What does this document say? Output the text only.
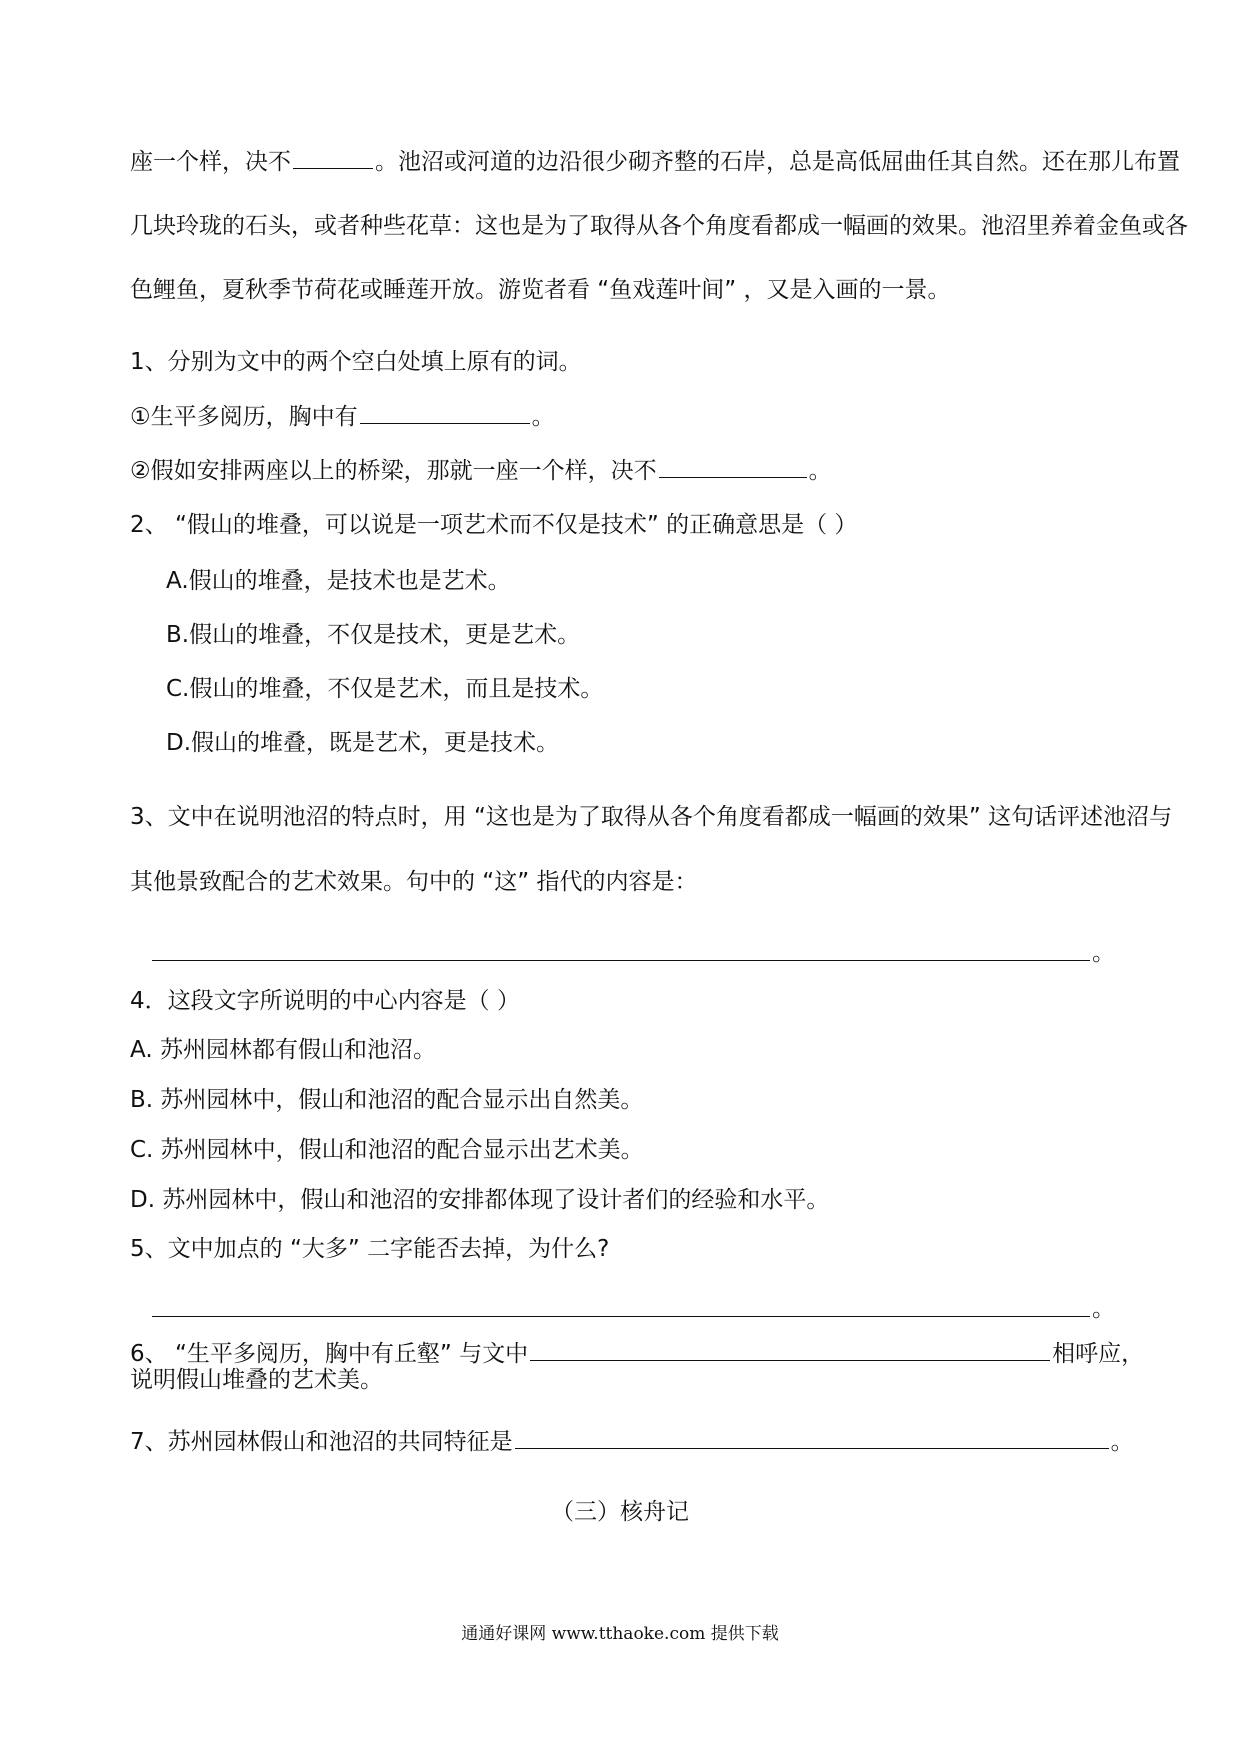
座一个样，决不	。池沼或河道的边沿很少砌齐整的石岸，总是高低屈曲任其自然。还在那儿布置
几块玲珑的石头，或者种些花草：这也是为了取得从各个角度看都成一幅画的效果。池沼里养着金鱼或各
色鲤鱼，夏秋季节荷花或睡莲开放。游览者看 “鱼戏莲叶间” ，又是入画的一景。
1、分别为文中的两个空白处填上原有的词。
①生平多阅历，胸中有	。
②假如安排两座以上的桥梁，那就一座一个样，决不	。
2、 “假山的堆叠，可以说是一项艺术而不仅是技术” 的正确意思是（ ）
A.假山的堆叠，是技术也是艺术。
B.假山的堆叠，不仅是技术，更是艺术。
C.假山的堆叠，不仅是艺术，而且是技术。
D.假山的堆叠，既是艺术，更是技术。
3、文中在说明池沼的特点时，用 “这也是为了取得从各个角度看都成一幅画的效果” 这句话评述池沼与
其他景致配合的艺术效果。句中的 “这” 指代的内容是：
。
4．这段文字所说明的中心内容是（ ）
A. 苏州园林都有假山和池沼。
B. 苏州园林中，假山和池沼的配合显示出自然美。
C. 苏州园林中，假山和池沼的配合显示出艺术美。
D. 苏州园林中，假山和池沼的安排都体现了设计者们的经验和水平。
5、文中加点的 “大多” 二字能否去掉，为什么?
。
6、 “生平多阅历，胸中有丘壑” 与文中	相呼应，
说明假山堆叠的艺术美。
7、苏州园林假山和池沼的共同特征是	。
（三）核舟记
通通好课网 www.tthaoke.com 提供下载
